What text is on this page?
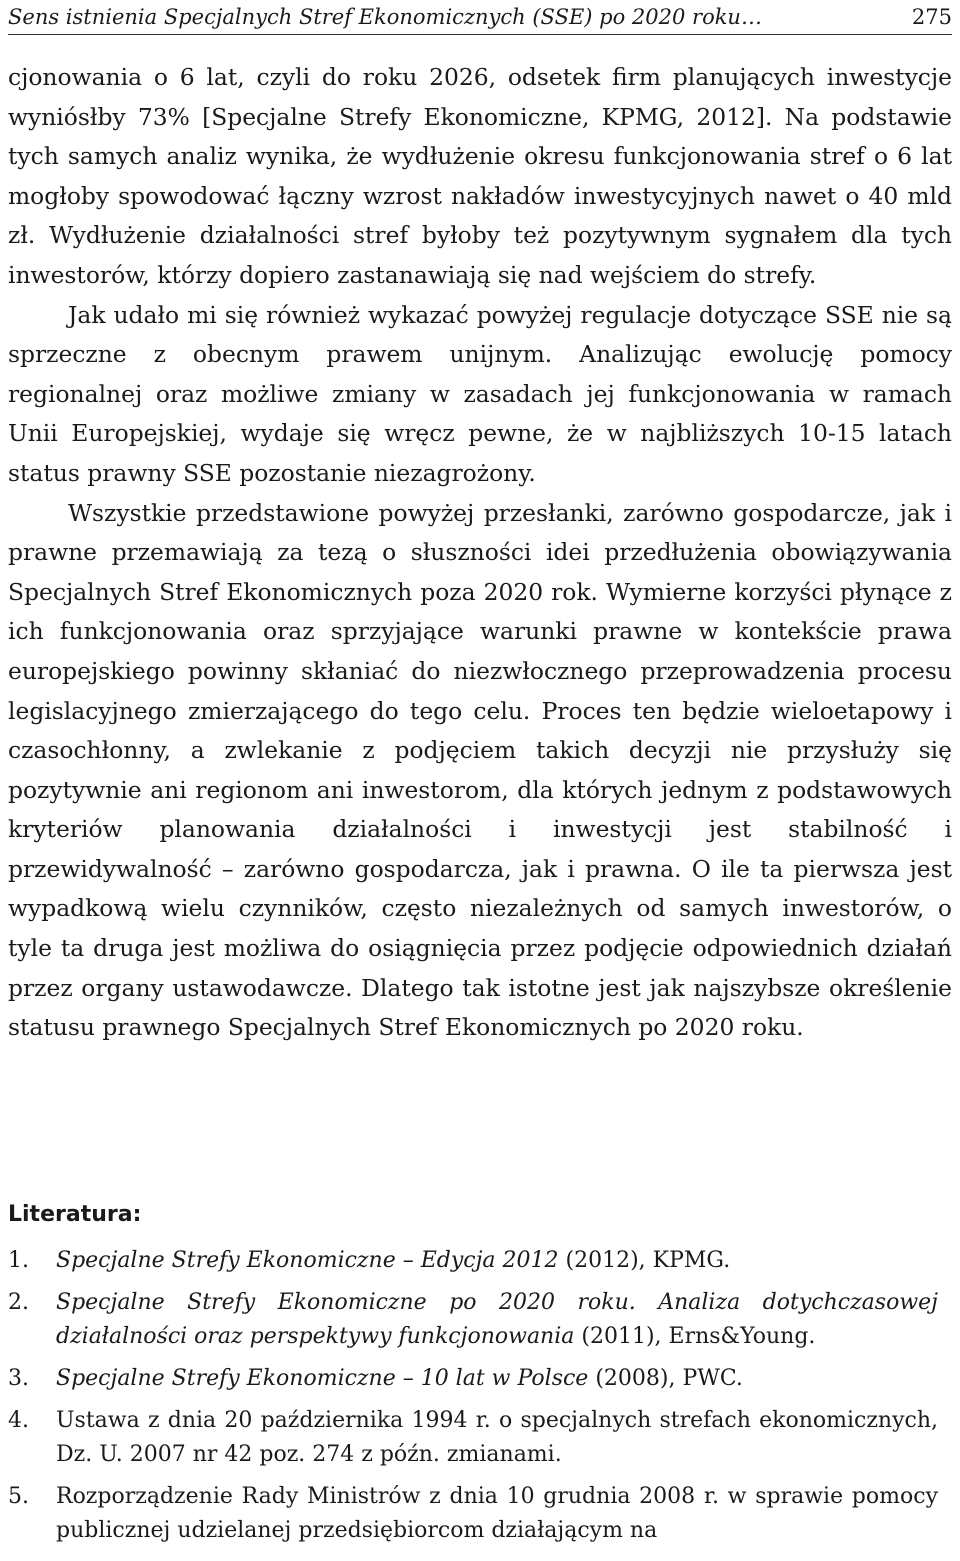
Sens istnienia Specjalnych Stref Ekonomicznych (SSE) po 2020 roku…	275

cjonowania o 6 lat, czyli do roku 2026, odsetek firm planujących inwestycje wyniósłby 73% [Specjalne Strefy Ekonomiczne, KPMG, 2012]. Na podstawie tych samych analiz wynika, że wydłużenie okresu funkcjonowania stref o 6 lat mogłoby spowodować łączny wzrost nakładów inwestycyjnych nawet o 40 mld zł. Wydłużenie działalności stref byłoby też pozytywnym sygnałem dla tych inwestorów, którzy dopiero zastanawiają się nad wejściem do strefy.

Jak udało mi się również wykazać powyżej regulacje dotyczące SSE nie są sprzeczne z obecnym prawem unijnym. Analizując ewolucję pomocy regionalnej oraz możliwe zmiany w zasadach jej funkcjonowania w ramach Unii Europejskiej, wydaje się wręcz pewne, że w najbliższych 10-15 latach status prawny SSE pozostanie niezagrożony.

Wszystkie przedstawione powyżej przesłanki, zarówno gospodarcze, jak i prawne przemawiają za tezą o słuszności idei przedłużenia obowiązywania Specjalnych Stref Ekonomicznych poza 2020 rok. Wymierne korzyści płynące z ich funkcjonowania oraz sprzyjające warunki prawne w kontekście prawa europejskiego powinny skłaniać do niezwłocznego przeprowadzenia procesu legislacyjnego zmierzającego do tego celu. Proces ten będzie wieloetapowy i czasochłonny, a zwlekanie z podjęciem takich decyzji nie przysłuży się pozytywnie ani regionom ani inwestorom, dla których jednym z podstawowych kryteriów planowania działalności i inwestycji jest stabilność i przewidywalność – zarówno gospodarcza, jak i prawna. O ile ta pierwsza jest wypadkową wielu czynników, często niezależnych od samych inwestorów, o tyle ta druga jest możliwa do osiągnięcia przez podjęcie odpowiednich działań przez organy ustawodawcze. Dlatego tak istotne jest jak najszybsze określenie statusu prawnego Specjalnych Stref Ekonomicznych po 2020 roku.

Literatura:
1. Specjalne Strefy Ekonomiczne – Edycja 2012 (2012), KPMG.
2. Specjalne Strefy Ekonomiczne po 2020 roku. Analiza dotychczasowej działalności oraz perspektywy funkcjonowania (2011), Erns&Young.
3. Specjalne Strefy Ekonomiczne – 10 lat w Polsce (2008), PWC.
4. Ustawa z dnia 20 października 1994 r. o specjalnych strefach ekonomicznych, Dz. U. 2007 nr 42 poz. 274 z późn. zmianami.
5. Rozporządzenie Rady Ministrów z dnia 10 grudnia 2008 r. w sprawie pomocy publicznej udzielanej przedsiębiorcom działającym na
